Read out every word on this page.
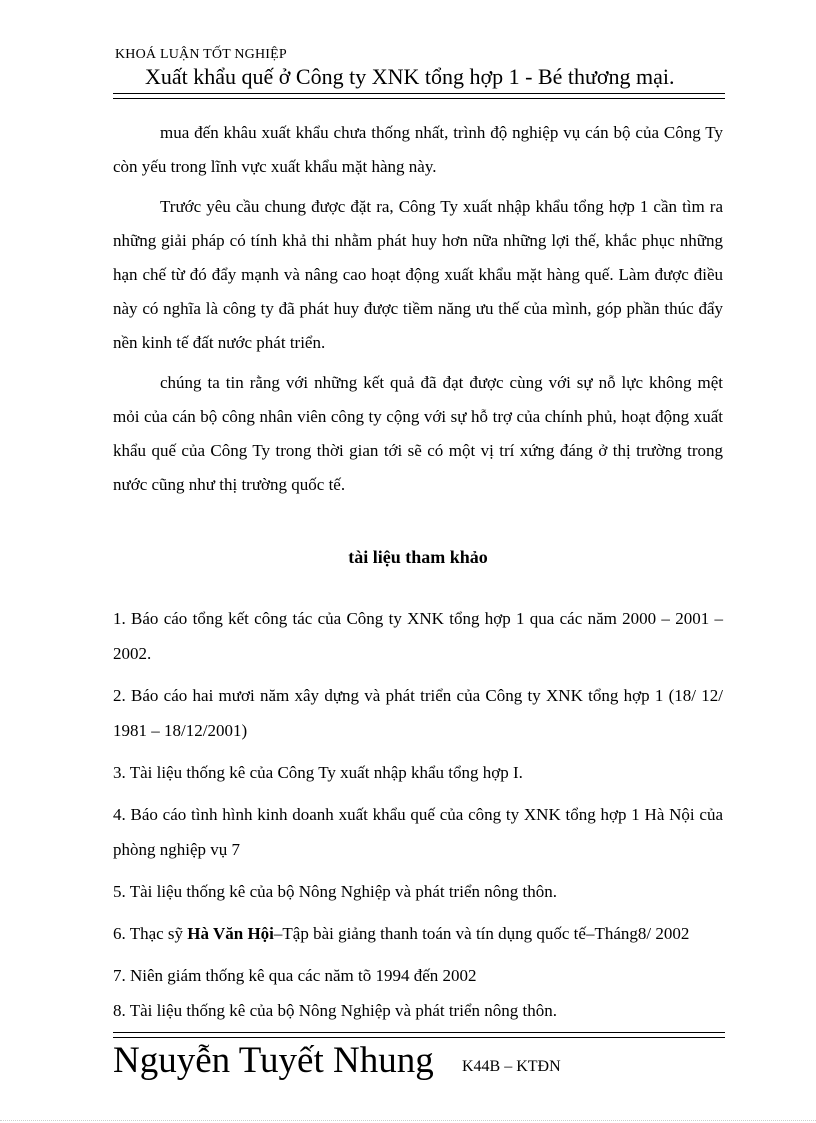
KHOÁ LUẬN TỐT NGHIỆP
Xuất khẩu quế ở Công ty XNK tổng hợp 1 - Bé thương mại.

mua đến khâu xuất khẩu chưa thống nhất, trình độ nghiệp vụ cán bộ của Công Ty còn yếu trong lĩnh vực xuất khẩu mặt hàng này.

Trước yêu cầu chung được đặt ra, Công Ty xuất nhập khẩu tổng hợp 1 cần tìm ra những giải pháp có tính khả thi nhằm phát huy hơn nữa những lợi thế, khắc phục những hạn chế từ đó đẩy mạnh và nâng cao hoạt động xuất khẩu mặt hàng quế. Làm được điều này có nghĩa là công ty đã phát huy được tiềm năng ưu thế của mình, góp phần thúc đẩy nền kinh tế đất nước phát triển.

chúng ta tin rằng với những kết quả đã đạt được cùng với sự nỗ lực không mệt mỏi của cán bộ công nhân viên công ty cộng với sự hỗ trợ của chính phủ, hoạt động xuất khẩu quế của Công Ty trong thời gian tới sẽ có một vị trí xứng đáng ở thị trường trong nước cũng như thị trường quốc tế.

tài liệu tham khảo

1. Báo cáo tổng kết công tác của Công ty XNK tổng hợp 1 qua các năm 2000 – 2001 – 2002.

2. Báo cáo hai mươi năm xây dựng và phát triển của Công ty XNK tổng hợp 1 (18/ 12/ 1981 – 18/12/2001)

3. Tài liệu thống kê của Công Ty xuất nhập khẩu tổng hợp I.

4. Báo cáo tình hình kinh doanh xuất khẩu quế của công ty XNK tổng hợp 1 Hà Nội của phòng nghiệp vụ 7

5. Tài liệu thống kê của bộ Nông Nghiệp và phát triển nông thôn.

6. Thạc sỹ Hà Văn Hội–Tập bài giảng thanh toán và tín dụng quốc tế–Tháng8/ 2002

7. Niên giám thống kê qua các năm tõ 1994 đến 2002

8. Tài liệu thống kê của bộ Nông Nghiệp và phát triển nông thôn.

Nguyễn Tuyết Nhung K44B – KTĐN
